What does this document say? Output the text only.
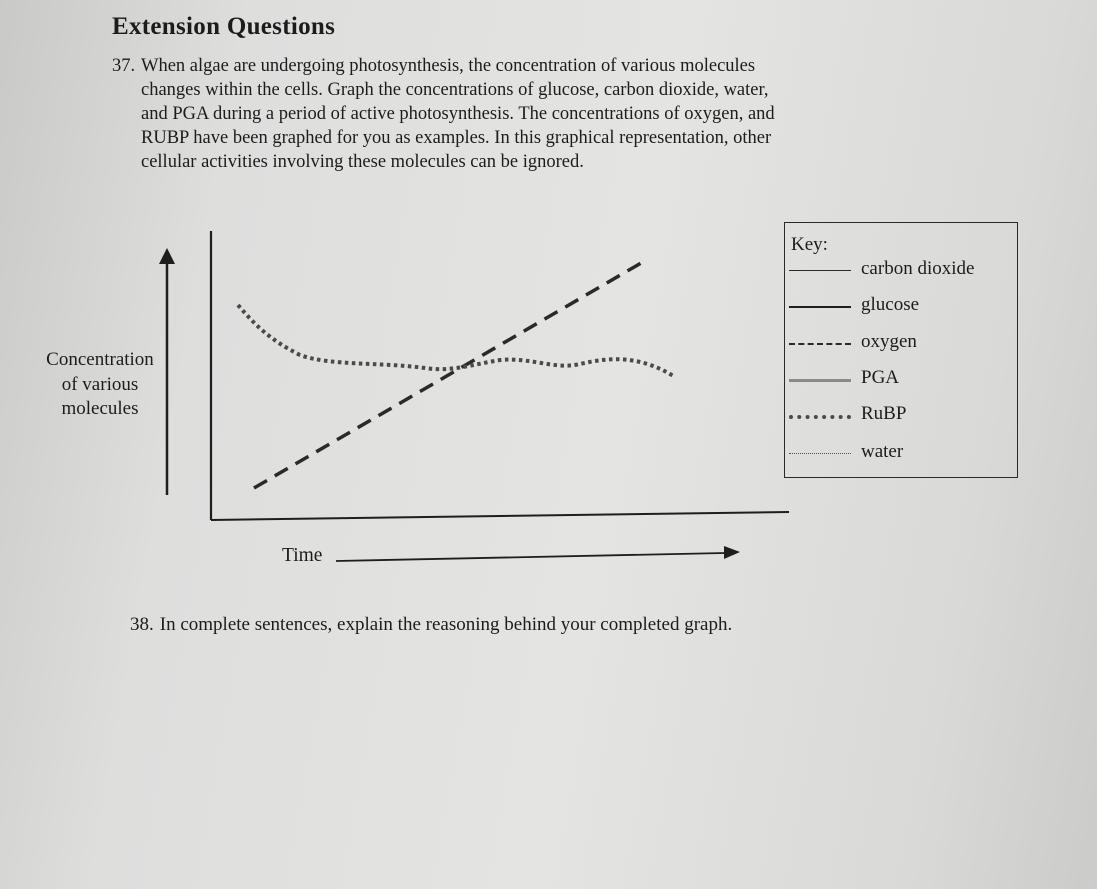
Extension Questions
37. When algae are undergoing photosynthesis, the concentration of various molecules
changes within the cells. Graph the concentrations of glucose, carbon dioxide, water,
and PGA during a period of active photosynthesis. The concentrations of oxygen, and
RUBP have been graphed for you as examples. In this graphical representation, other
cellular activities involving these molecules can be ignored.
Concentration
of various
molecules
Time
Key:
carbon dioxide
glucose
oxygen
PGA
RuBP
water
38. In complete sentences, explain the reasoning behind your completed graph.
